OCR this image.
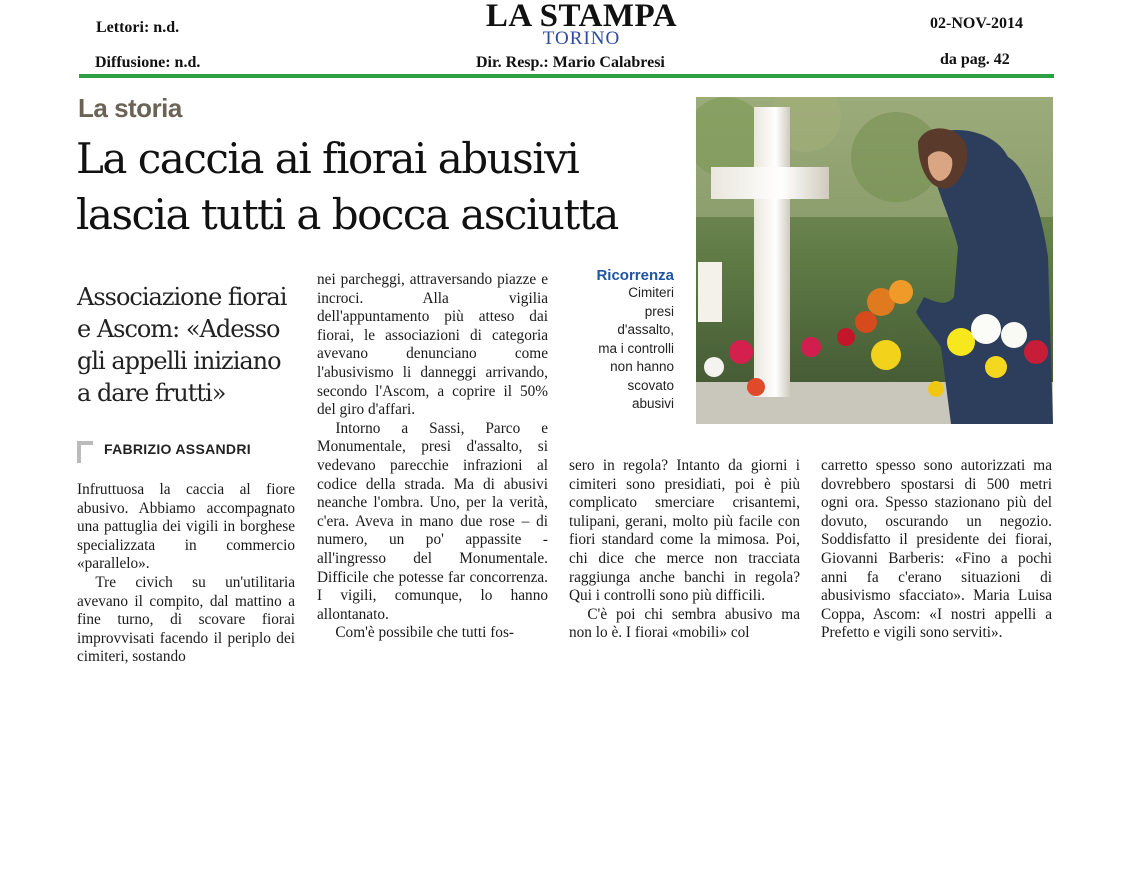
Lettori: n.d.
Diffusione: n.d.
LA STAMPA
TORINO
Dir. Resp.: Mario Calabresi
02-NOV-2014
da pag. 42
La storia
La caccia ai fiorai abusivi
lascia tutti a bocca asciutta
Associazione fiorai
e Ascom: «Adesso
gli appelli iniziano
a dare frutti»
FABRIZIO ASSANDRI

Infruttuosa la caccia al fiore abusivo. Abbiamo accompagnato una pattuglia dei vigili in borghese specializzata in commercio «parallelo».

Tre civich su un'utilitaria avevano il compito, dal mattino a fine turno, di scovare fiorai improvvisati facendo il periplo dei cimiteri, sostando

nei parcheggi, attraversando piazze e incroci. Alla vigilia dell'appuntamento più atteso dai fiorai, le associazioni di categoria avevano denunciano come l'abusivismo li danneggi arrivando, secondo l'Ascom, a coprire il 50% del giro d'affari.

Intorno a Sassi, Parco e Monumentale, presi d'assalto, si vedevano parecchie infrazioni al codice della strada. Ma di abusivi neanche l'ombra. Uno, per la verità, c'era. Aveva in mano due rose – di numero, un po' appassite - all'ingresso del Monumentale. Difficile che potesse far concorrenza. I vigili, comunque, lo hanno allontanato.

Com'è possibile che tutti fos-

Ricorrenza
Cimiteri
presi
d'assalto,
ma i controlli
non hanno
scovato
abusivi

sero in regola? Intanto da giorni i cimiteri sono presidiati, poi è più complicato smerciare crisantemi, tulipani, gerani, molto più facile con fiori standard come la mimosa. Poi, chi dice che merce non tracciata raggiunga anche banchi in regola? Qui i controlli sono più difficili.

C'è poi chi sembra abusivo ma non lo è. I fiorai «mobili» col

carretto spesso sono autorizzati ma dovrebbero spostarsi di 500 metri ogni ora. Spesso stazionano più del dovuto, oscurando un negozio. Soddisfatto il presidente dei fiorai, Giovanni Barberis: «Fino a pochi anni fa c'erano situazioni di abusivismo sfacciato». Maria Luisa Coppa, Ascom: «I nostri appelli a Prefetto e vigili sono serviti».
